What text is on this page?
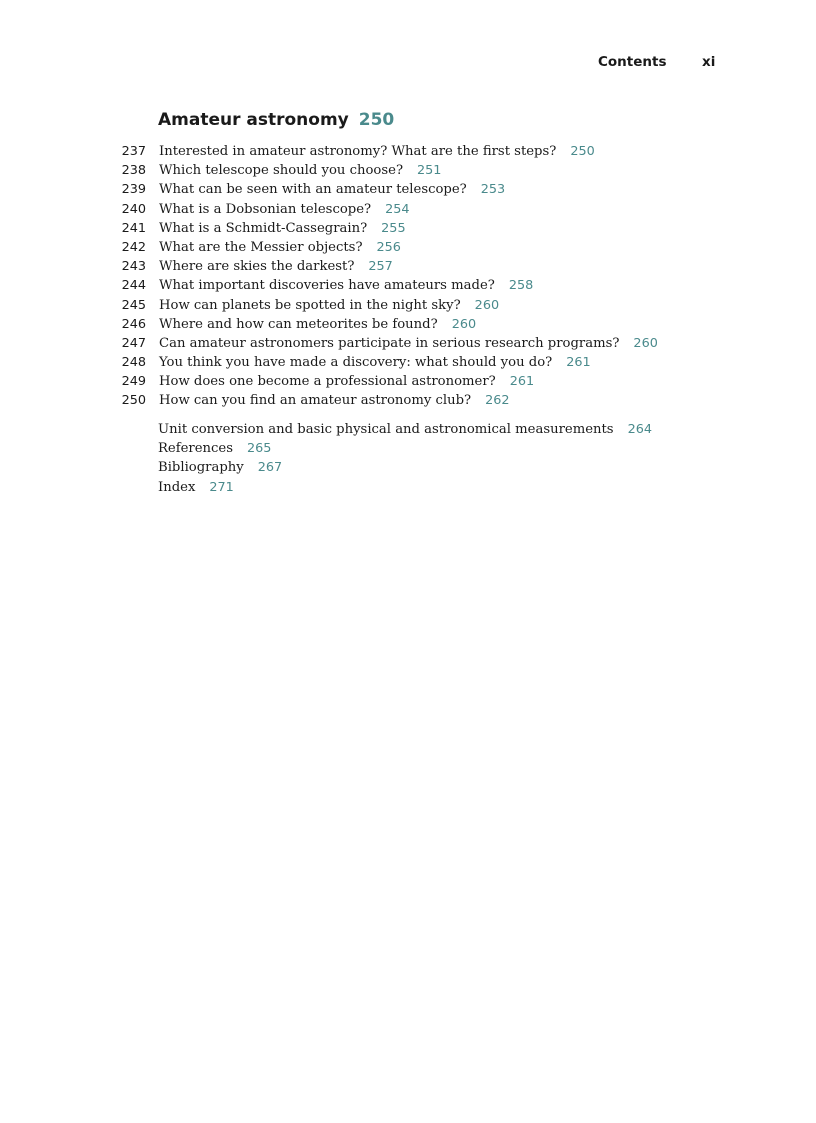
Contents	xi
Amateur astronomy 250
237 Interested in amateur astronomy? What are the first steps? 250
238 Which telescope should you choose? 251
239 What can be seen with an amateur telescope? 253
240 What is a Dobsonian telescope? 254
241 What is a Schmidt-Cassegrain? 255
242 What are the Messier objects? 256
243 Where are skies the darkest? 257
244 What important discoveries have amateurs made? 258
245 How can planets be spotted in the night sky? 260
246 Where and how can meteorites be found? 260
247 Can amateur astronomers participate in serious research programs? 260
248 You think you have made a discovery: what should you do? 261
249 How does one become a professional astronomer? 261
250 How can you find an amateur astronomy club? 262
Unit conversion and basic physical and astronomical measurements 264
References 265
Bibliography 267
Index 271
